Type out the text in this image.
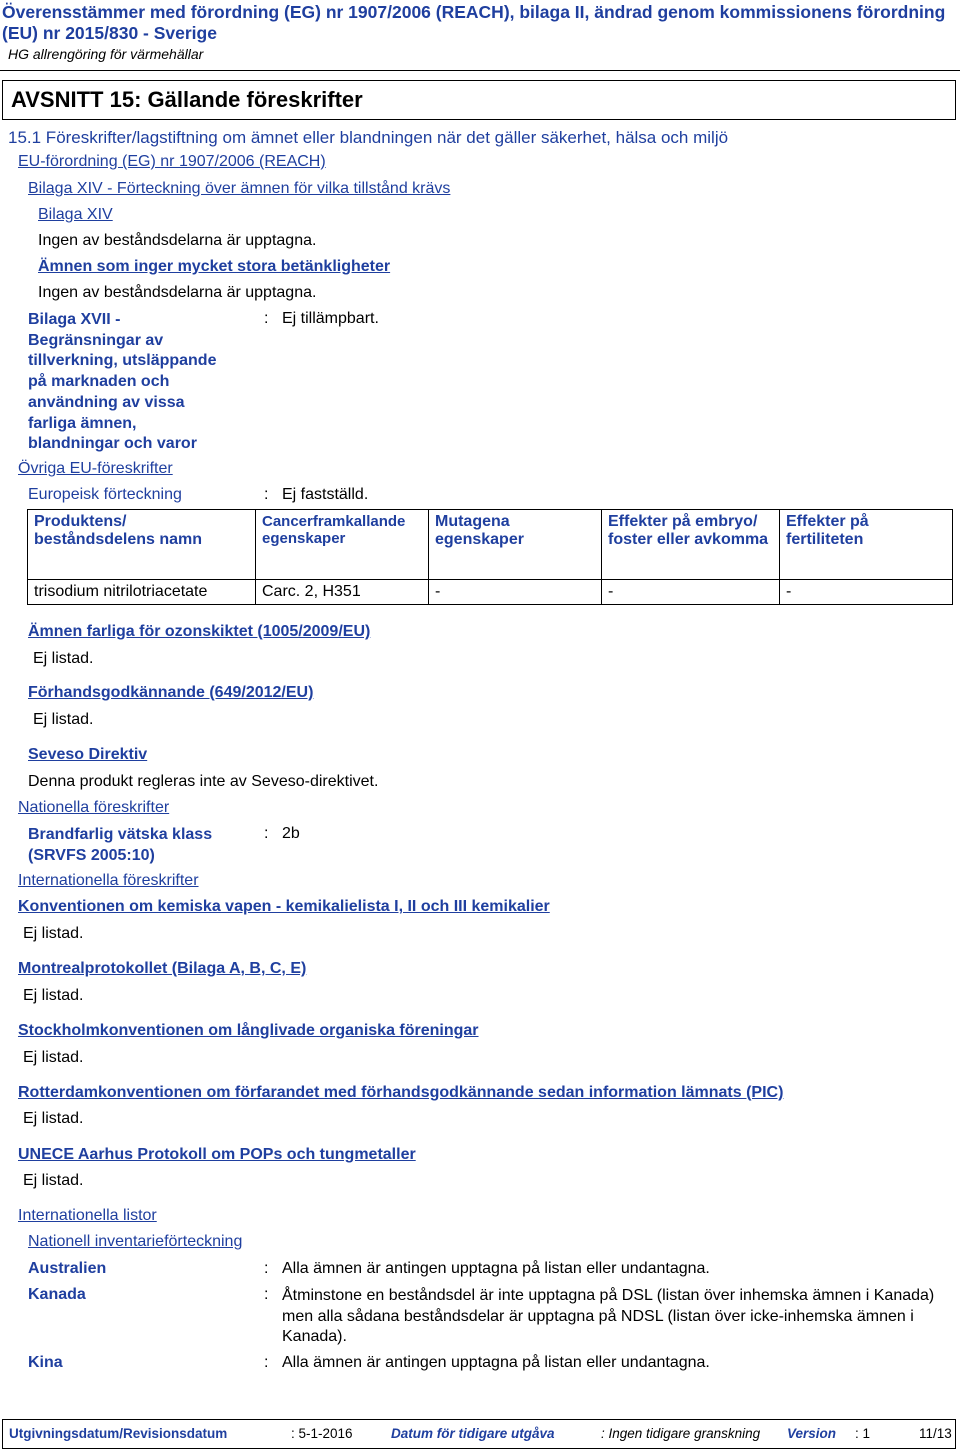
Överensstämmer med förordning (EG) nr 1907/2006 (REACH), bilaga II, ändrad genom kommissionens förordning
(EU) nr 2015/830 - Sverige
HG allrengöring för värmehällar
AVSNITT 15: Gällande föreskrifter
15.1 Föreskrifter/lagstiftning om ämnet eller blandningen när det gäller säkerhet, hälsa och miljö
EU-förordning (EG) nr 1907/2006 (REACH)
Bilaga XIV - Förteckning över ämnen för vilka tillstånd krävs
Bilaga XIV
Ingen av beståndsdelarna är upptagna.
Ämnen som inger mycket stora betänkligheter
Ingen av beståndsdelarna är upptagna.
Bilaga XVII -
Begränsningar av
tillverkning, utsläppande
på marknaden och
användning av vissa
farliga ämnen,
blandningar och varor
: Ej tillämpbart.
Övriga EU-föreskrifter
Europeisk förteckning	: Ej fastställd.
Produktens/ beståndsdelens namn	Cancerframkallande egenskaper	Mutagena egenskaper	Effekter på embryo/ foster eller avkomma	Effekter på fertiliteten
trisodium nitrilotriacetate	Carc. 2, H351	-	-	-
Ämnen farliga för ozonskiktet (1005/2009/EU)
Ej listad.
Förhandsgodkännande (649/2012/EU)
Ej listad.
Seveso Direktiv
Denna produkt regleras inte av Seveso-direktivet.
Nationella föreskrifter
Brandfarlig vätska klass
(SRVFS 2005:10)
: 2b
Internationella föreskrifter
Konventionen om kemiska vapen - kemikalielista I, II och III kemikalier
Ej listad.
Montrealprotokollet (Bilaga A, B, C, E)
Ej listad.
Stockholmkonventionen om långlivade organiska föreningar
Ej listad.
Rotterdamkonventionen om förfarandet med förhandsgodkännande sedan information lämnats (PIC)
Ej listad.
UNECE Aarhus Protokoll om POPs och tungmetaller
Ej listad.
Internationella listor
Nationell inventarieförteckning
Australien	: Alla ämnen är antingen upptagna på listan eller undantagna.
Kanada	: Åtminstone en beståndsdel är inte upptagna på DSL (listan över inhemska ämnen i Kanada) men alla sådana beståndsdelar är upptagna på NDSL (listan över icke-inhemska ämnen i Kanada).
Kina	: Alla ämnen är antingen upptagna på listan eller undantagna.
Utgivningsdatum/Revisionsdatum	: 5-1-2016	Datum för tidigare utgåva	: Ingen tidigare granskning Version : 1	11/13
